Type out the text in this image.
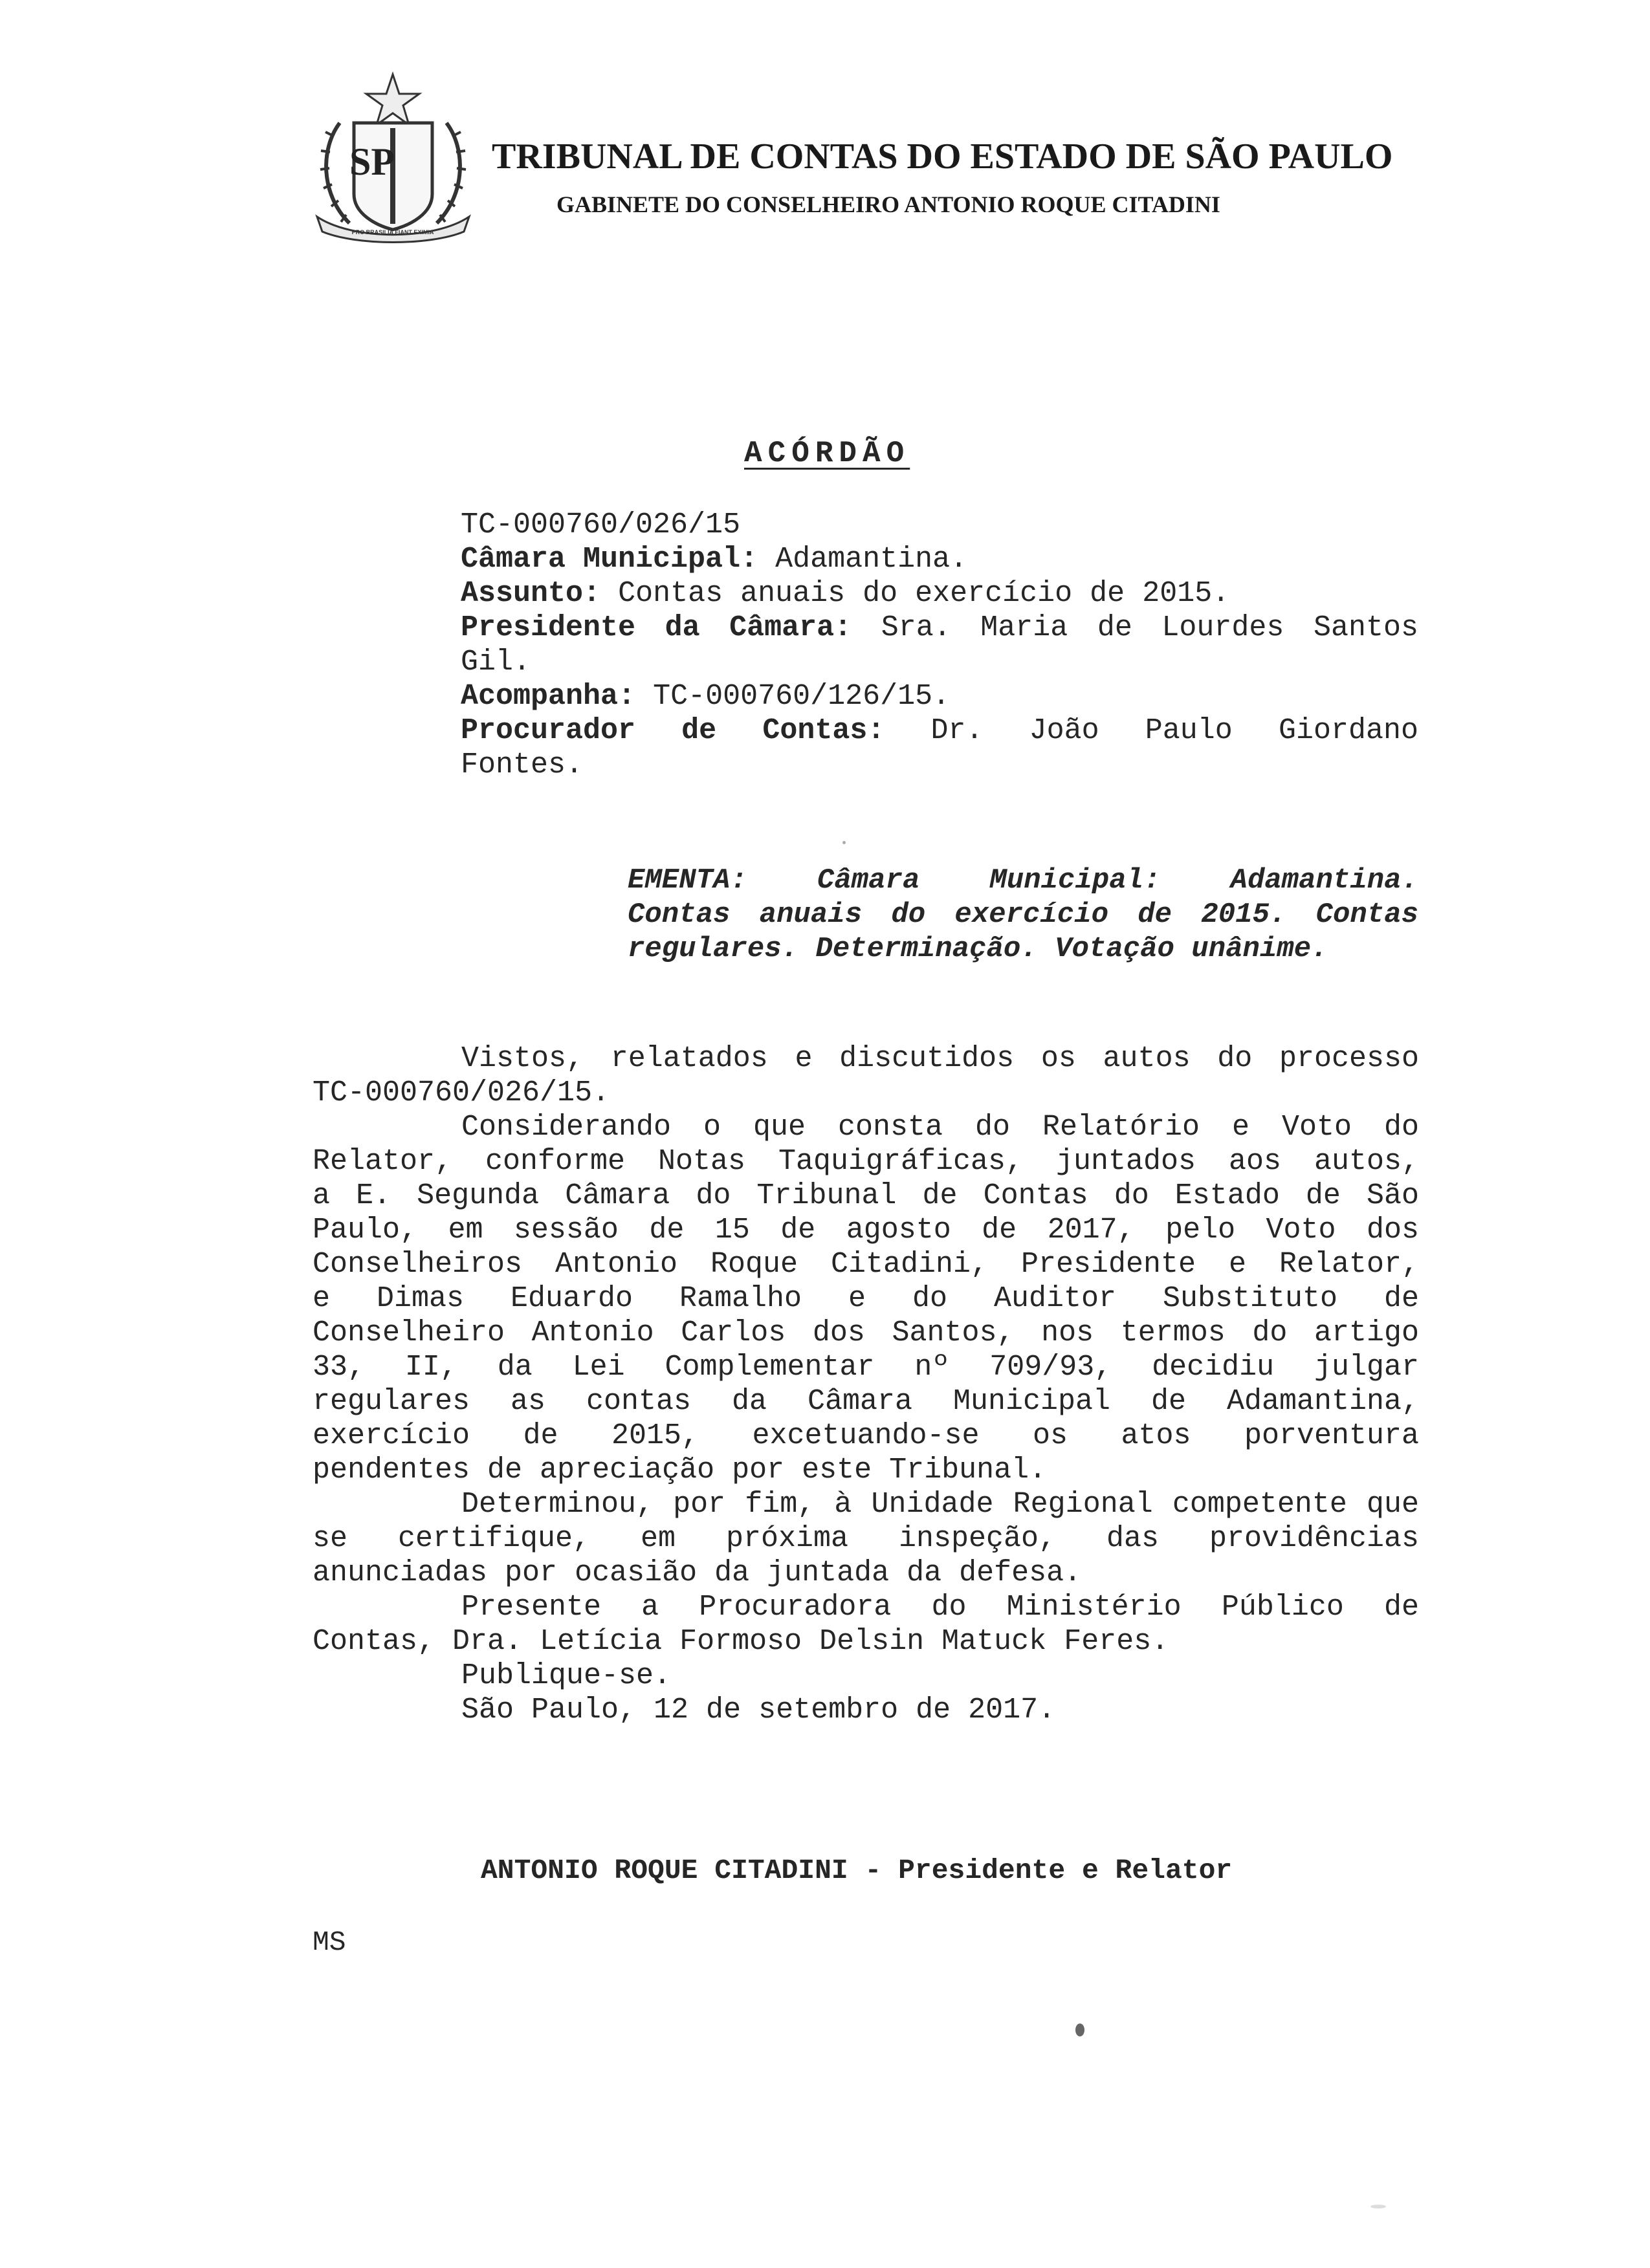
SP
PRO BRASILIA FIANT EXIMIA
TRIBUNAL DE CONTAS DO ESTADO DE SÃO PAULO
GABINETE DO CONSELHEIRO ANTONIO ROQUE CITADINI
ACÓRDÃO
TC-000760/026/15
Câmara Municipal: Adamantina.
Assunto: Contas anuais do exercício de 2015.
Presidente da Câmara: Sra. Maria de Lourdes Santos
Gil.
Acompanha: TC-000760/126/15.
Procurador de Contas: Dr. João Paulo Giordano
Fontes.
EMENTA: Câmara Municipal: Adamantina.
Contas anuais do exercício de 2015. Contas
regulares. Determinação. Votação unânime.
Vistos, relatados e discutidos os autos do processo
TC-000760/026/15.
Considerando o que consta do Relatório e Voto do
Relator, conforme Notas Taquigráficas, juntados aos autos,
a E. Segunda Câmara do Tribunal de Contas do Estado de São
Paulo, em sessão de 15 de agosto de 2017, pelo Voto dos
Conselheiros Antonio Roque Citadini, Presidente e Relator,
e Dimas Eduardo Ramalho e do Auditor Substituto de
Conselheiro Antonio Carlos dos Santos, nos termos do artigo
33, II, da Lei Complementar nº 709/93, decidiu julgar
regulares as contas da Câmara Municipal de Adamantina,
exercício de 2015, excetuando-se os atos porventura
pendentes de apreciação por este Tribunal.
Determinou, por fim, à Unidade Regional competente que
se certifique, em próxima inspeção, das providências
anunciadas por ocasião da juntada da defesa.
Presente a Procuradora do Ministério Público de
Contas, Dra. Letícia Formoso Delsin Matuck Feres.
Publique-se.
São Paulo, 12 de setembro de 2017.
ANTONIO ROQUE CITADINI - Presidente e Relator
MS
